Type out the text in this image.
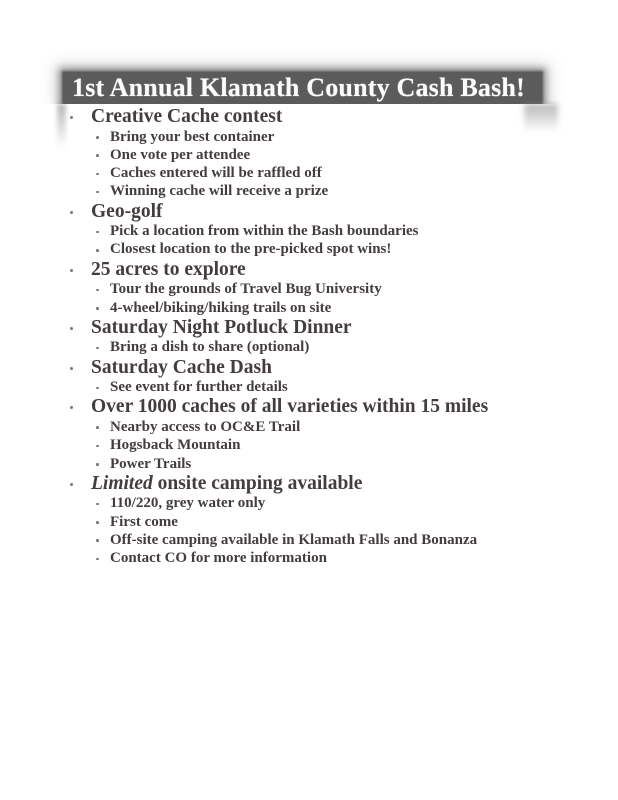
1st Annual Klamath County Cash Bash!
Creative Cache contest
Bring your best container
One vote per attendee
Caches entered will be raffled off
Winning cache will receive a prize
Geo-golf
Pick a location from within the Bash boundaries
Closest location to the pre-picked spot wins!
25 acres to explore
Tour the grounds of Travel Bug University
4-wheel/biking/hiking trails on site
Saturday Night Potluck Dinner
Bring a dish to share (optional)
Saturday Cache Dash
See event for further details
Over 1000 caches of all varieties within 15 miles
Nearby access to OC&E Trail
Hogsback Mountain
Power Trails
Limited onsite camping available
110/220, grey water only
First come
Off-site camping available in Klamath Falls and Bonanza
Contact CO for more information
